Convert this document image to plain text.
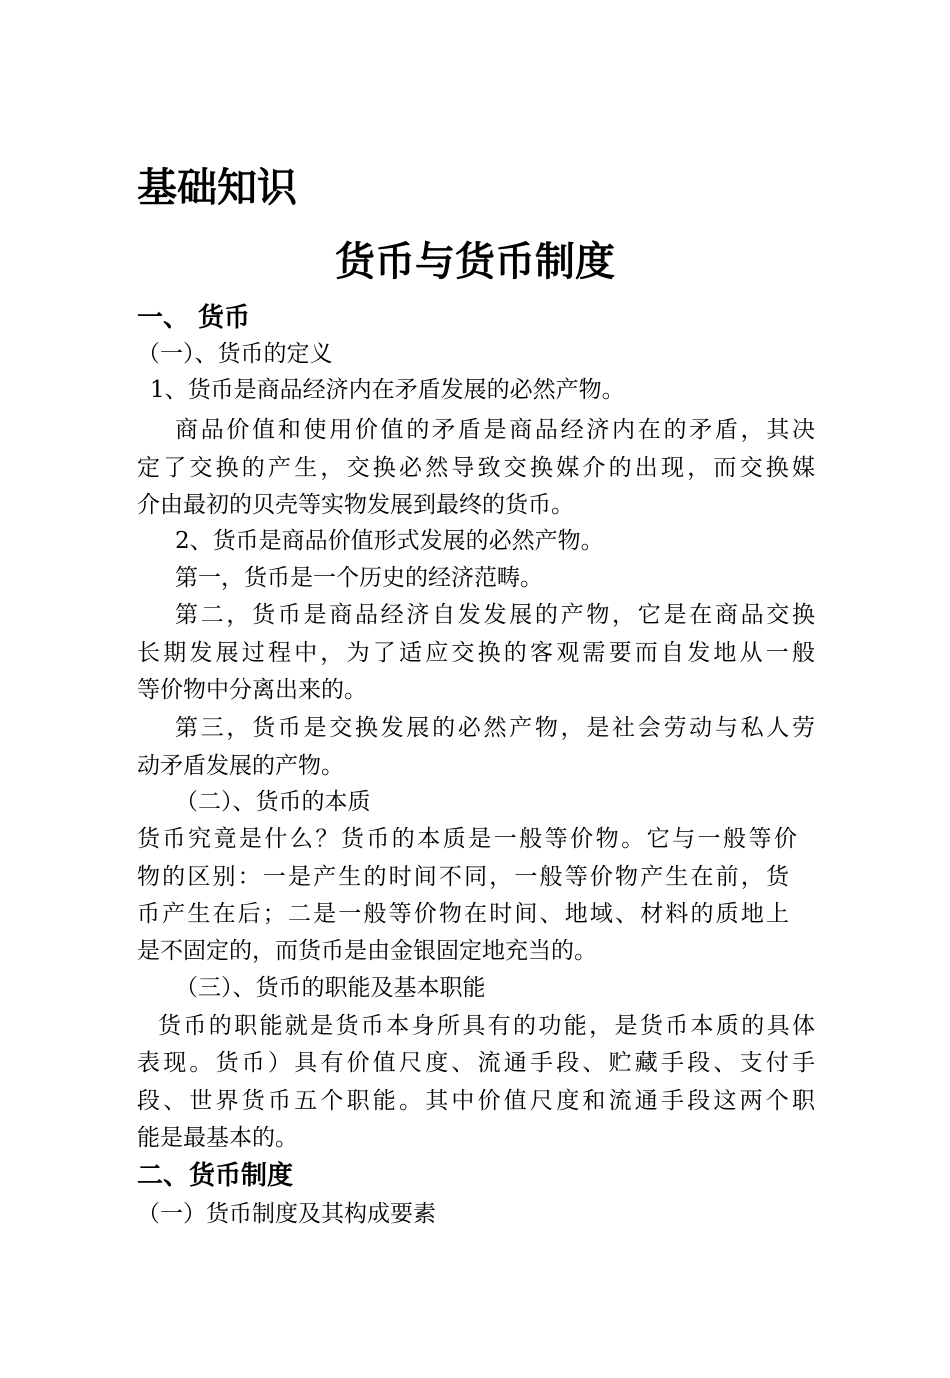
基础知识
货币与货币制度
一、 货币
（一）、货币的定义
1、货币是商品经济内在矛盾发展的必然产物。
商品价值和使用价值的矛盾是商品经济内在的矛盾，其决
定了交换的产生，交换必然导致交换媒介的出现，而交换媒
介由最初的贝壳等实物发展到最终的货币。
2、货币是商品价值形式发展的必然产物。
第一，货币是一个历史的经济范畴。
第二，货币是商品经济自发发展的产物，它是在商品交换
长期发展过程中，为了适应交换的客观需要而自发地从一般
等价物中分离出来的。
第三，货币是交换发展的必然产物，是社会劳动与私人劳
动矛盾发展的产物。
（二）、货币的本质
货币究竟是什么？货币的本质是一般等价物。它与一般等价
物的区别：一是产生的时间不同，一般等价物产生在前，货
币产生在后；二是一般等价物在时间、地域、材料的质地上
是不固定的，而货币是由金银固定地充当的。
（三）、货币的职能及基本职能
货币的职能就是货币本身所具有的功能，是货币本质的具体
表现。货币）具有价值尺度、流通手段、贮藏手段、支付手
段、世界货币五个职能。其中价值尺度和流通手段这两个职
能是最基本的。
二、货币制度
（一）货币制度及其构成要素
